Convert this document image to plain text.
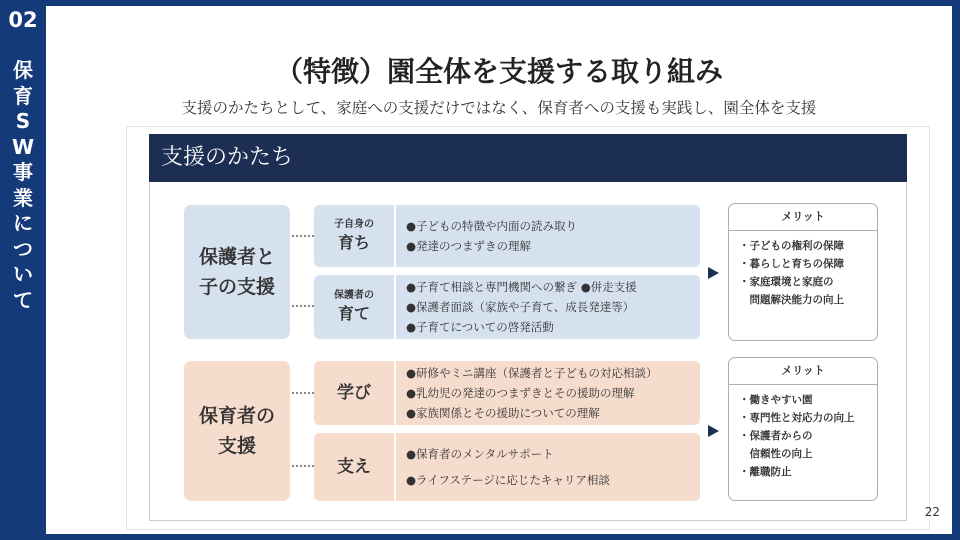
02
保育SW事業について
（特徴）園全体を支援する取り組み
支援のかたちとして、家庭への支援だけではなく、保育者への支援も実践し、園全体を支援
支援のかたち
保護者と
子の支援
子自身の
育ち
●子どもの特徴や内面の読み取り
●発達のつまずきの理解
保護者の
育て
●子育て相談と専門機関への繋ぎ ●併走支援
●保護者面談（家族や子育て、成長発達等）
●子育てについての啓発活動
メリット
・子どもの権利の保障
・暮らしと育ちの保障
・家庭環境と家庭の
　問題解決能力の向上
保育者の
支援
学び
●研修やミニ講座（保護者と子どもの対応相談）
●乳幼児の発達のつまずきとその援助の理解
●家族関係とその援助についての理解
支え
●保育者のメンタルサポート
●ライフステージに応じたキャリア相談
メリット
・働きやすい園
・専門性と対応力の向上
・保護者からの
　信頼性の向上
・離職防止
22
